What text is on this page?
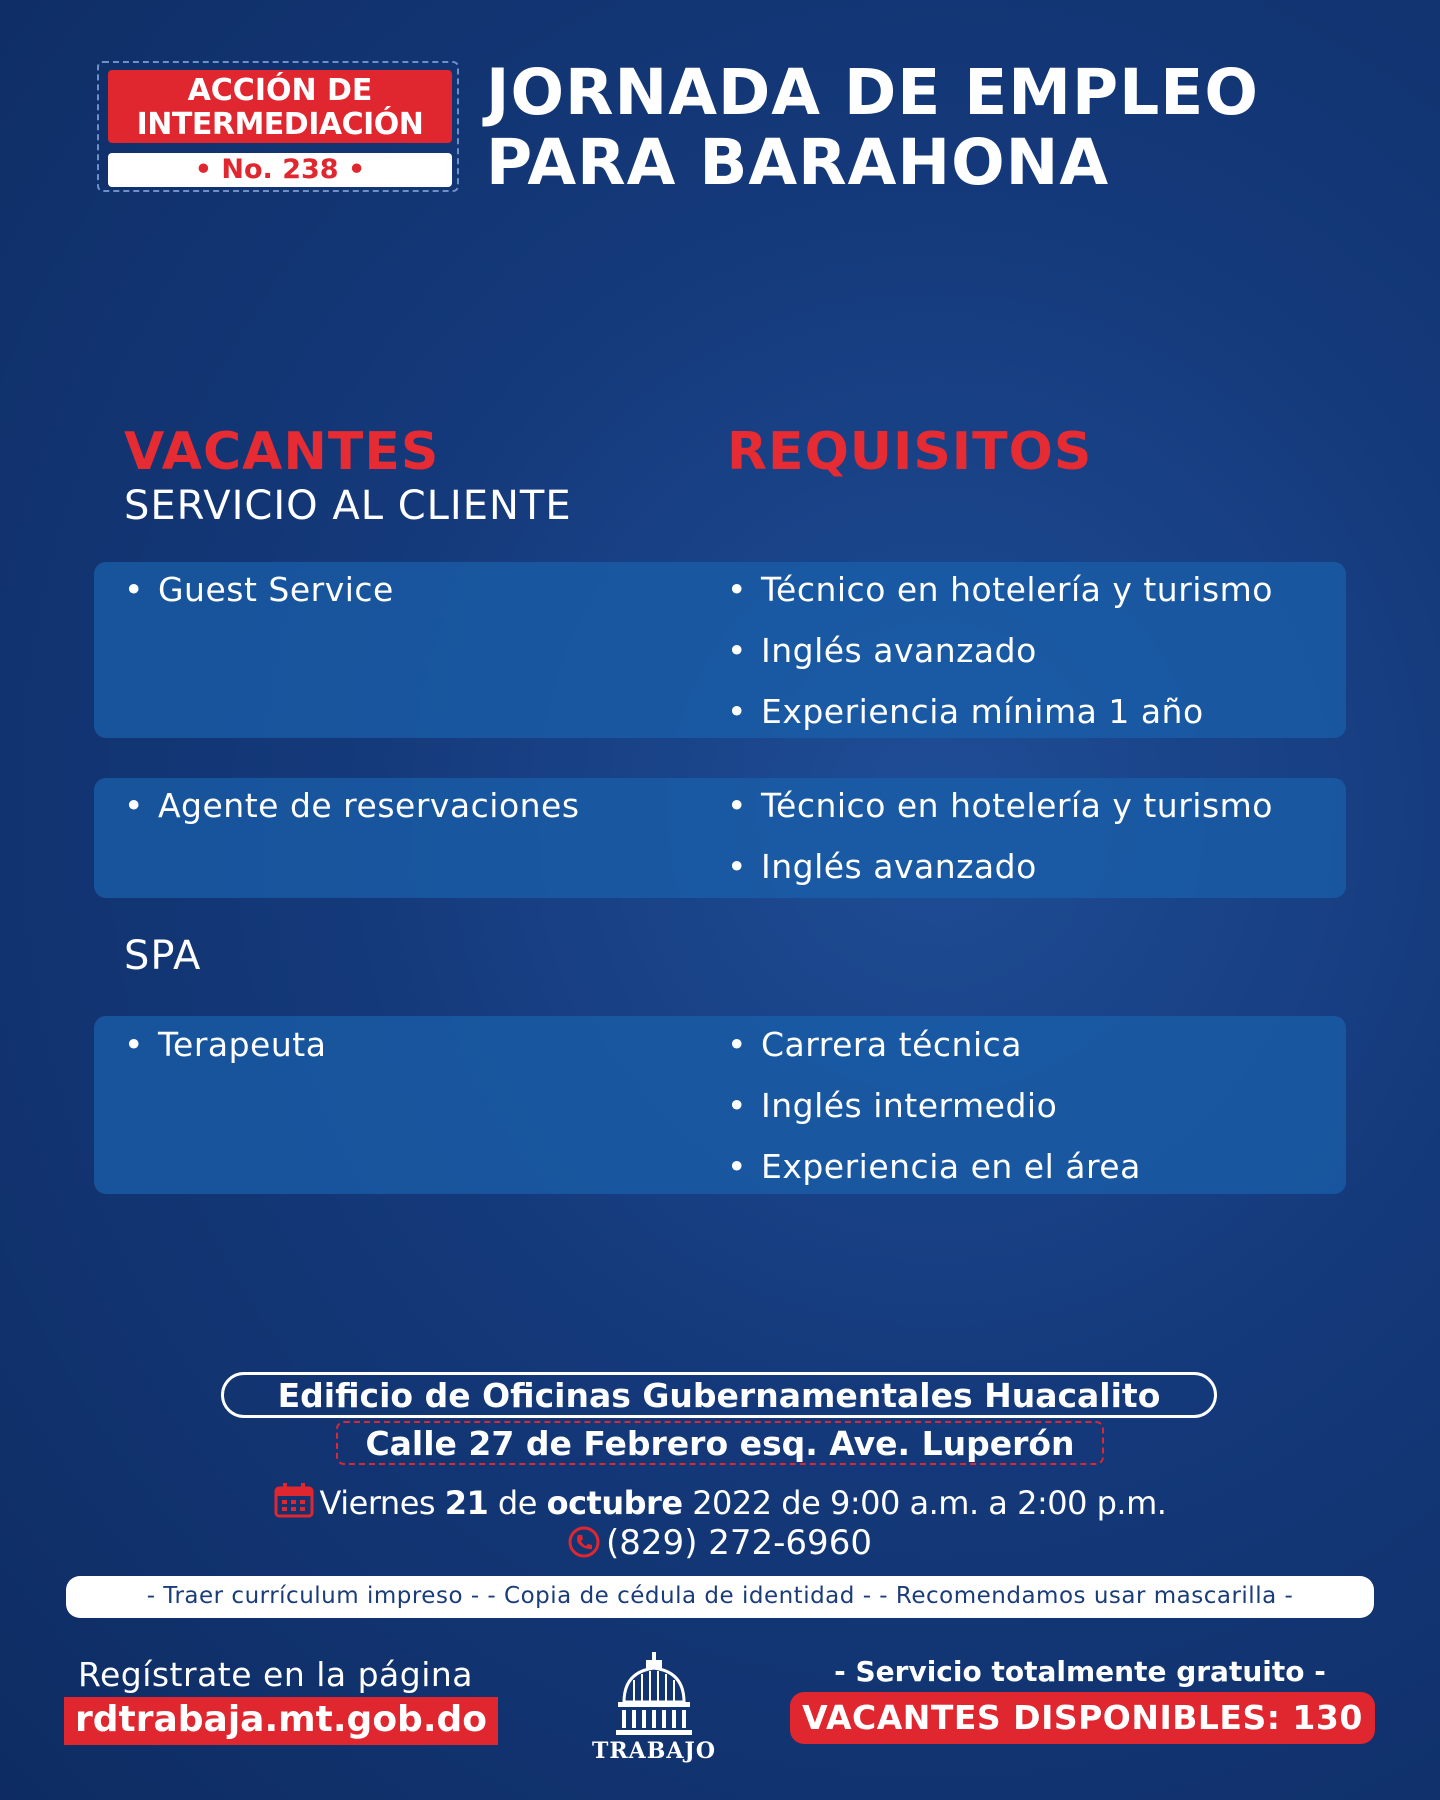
ACCIÓN DE
INTERMEDIACIÓN
• No. 238 •
JORNADA DE EMPLEO
PARA BARAHONA
VACANTES	REQUISITOS
SERVICIO AL CLIENTE
SPA
• Guest Service	• Técnico en hotelería y turismo
• Inglés avanzado
• Experiencia mínima 1 año
• Agente de reservaciones	• Técnico en hotelería y turismo
• Inglés avanzado
• Terapeuta	• Carrera técnica
• Inglés intermedio
• Experiencia en el área
Edificio de Oficinas Gubernamentales Huacalito
Calle 27 de Febrero esq. Ave. Luperón
Viernes 21 de octubre 2022 de 9:00 a.m. a 2:00 p.m.
(829) 272-6960
- Traer currículum impreso - - Copia de cédula de identidad - - Recomendamos usar mascarilla -
Regístrate en la página
rdtrabaja.mt.gob.do
TRABAJO
- Servicio totalmente gratuito -
VACANTES DISPONIBLES: 130
